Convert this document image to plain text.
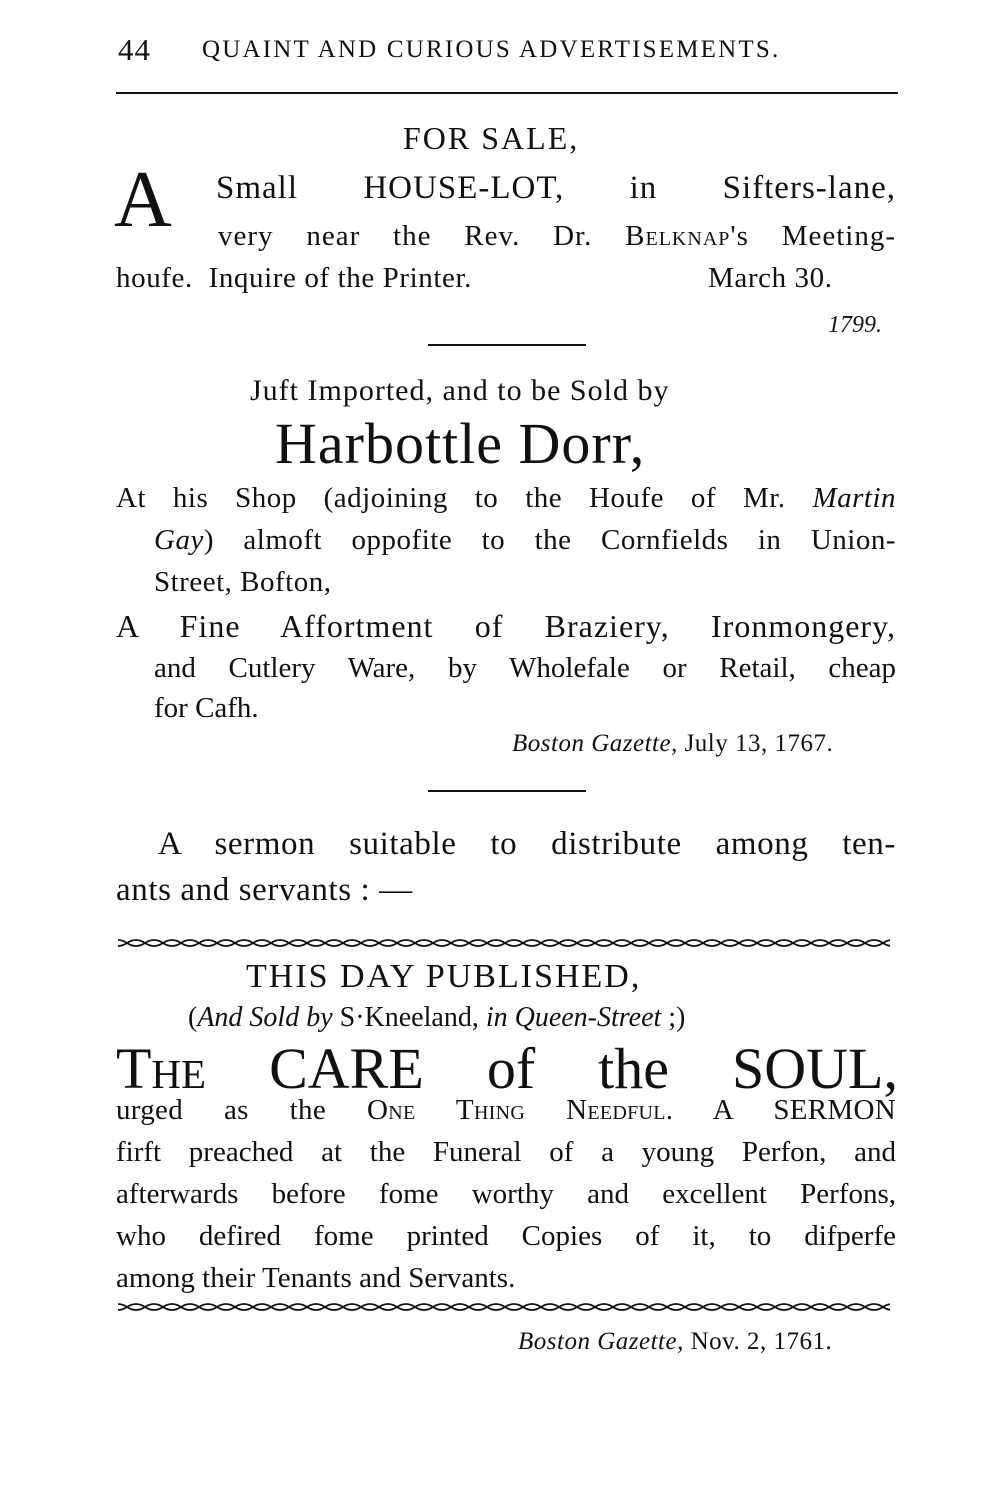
44 QUAINT AND CURIOUS ADVERTISEMENTS.
FOR SALE,
A Small HOUSE-LOT, in Sifters-lane,
very near the Rev. Dr. Belknap's Meeting-
houfe.  Inquire of the Printer.	March 30.
1799.
Juft Imported, and to be Sold by
Harbottle Dorr,
At his Shop (adjoining to the Houfe of Mr. Martin
Gay) almoft oppofite to the Cornfields in Union-
Street, Bofton,
A Fine Affortment of Braziery, Ironmongery,
and Cutlery Ware, by Wholefale or Retail, cheap
for Cafh.
Boston Gazette, July 13, 1767.
A sermon suitable to distribute among ten-
ants and servants : —
THIS DAY PUBLISHED,
(And Sold by S·Kneeland, in Queen-Street ;)
The CARE of the SOUL,
urged as the One Thing Needful. A SERMON
firft preached at the Funeral of a young Perfon, and
afterwards before fome worthy and excellent Perfons,
who defired fome printed Copies of it, to difperfe
among their Tenants and Servants.
Boston Gazette, Nov. 2, 1761.
